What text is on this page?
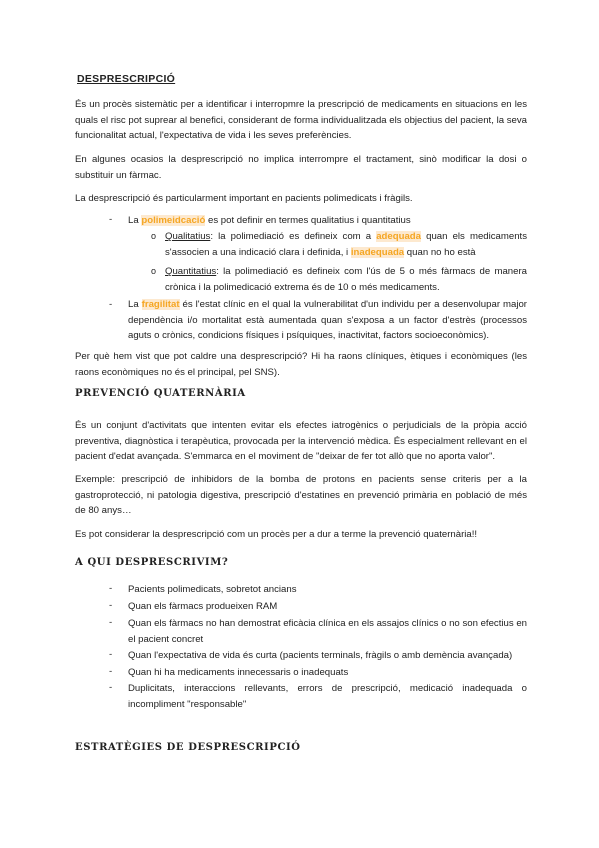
DESPRESCRIPCIÓ

És un procès sistemàtic per a identificar i interropmre la prescripció de medicaments en situacions en les quals el risc pot suprear al benefici, considerant de forma individualitzada els objectius del pacient, la seva funcionalitat actual, l'expectativa de vida i les seves preferències.

En algunes ocasios la desprescripció no implica interrompre el tractament, sinò modificar la dosi o substituir un fàrmac.

La desprescripció és particularment important en pacients polimedicats i fràgils.

- La polimeidcació es pot definir en termes qualitatius i quantitatius

o Qualitatius: la polimediació es defineix com a adequada quan els medicaments s'associen a una indicació clara i definida, i inadequada quan no ho està

o Quantitatius: la polimediació es defineix com l'ús de 5 o més fàrmacs de manera crònica i la polimedicació extrema és de 10 o més medicaments.

- La fragilitat és l'estat clínic en el qual la vulnerabilitat d'un individu per a desenvolupar major dependència i/o mortalitat està aumentada quan s'exposa a un factor d'estrès (processos aguts o crònics, condicions físiques i psíquiques, inactivitat, factors socioeconòmics).

Per què hem vist que pot caldre una desprescripció? Hi ha raons clíniques, ètiques i econòmiques (les raons econòmiques no és el principal, pel SNS).

PREVENCIÓ QUATERNÀRIA

És un conjunt d'activitats que intenten evitar els efectes iatrogènics o perjudicials de la pròpia acció preventiva, diagnòstica i terapèutica, provocada per la intervenció mèdica. És especialment rellevant en el pacient d'edat avançada. S'emmarca en el moviment de "deixar de fer tot allò que no aporta valor".

Exemple: prescripció de inhibidors de la bomba de protons en pacients sense criteris per a la gastroprotecció, ni patologia digestiva, prescripció d'estatines en prevenció primària en població de més de 80 anys…

Es pot considerar la desprescripció com un procès per a dur a terme la prevenció quaternària!!

A QUI DESPRESCRIVIM?
- Pacients polimedicats, sobretot ancians

- Quan els fàrmacs produeixen RAM

- Quan els fàrmacs no han demostrat eficàcia clínica en els assajos clínics o no son efectius en el pacient concret

- Quan l'expectativa de vida és curta (pacients terminals, fràgils o amb demència avançada)

- Quan hi ha medicaments innecessaris o inadequats

- Duplicitats, interaccions rellevants, errors de prescripció, medicació inadequada o incompliment "responsable"

ESTRATÈGIES DE DESPRESCRIPCIÓ
